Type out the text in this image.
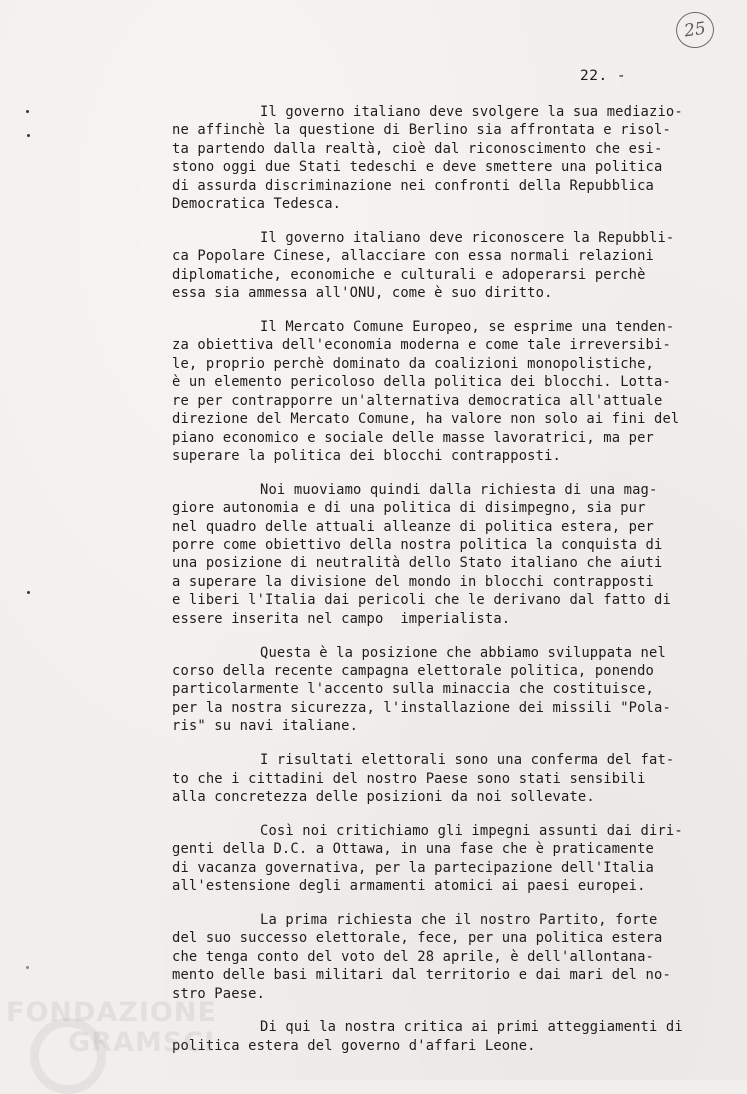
25
22. -
Il governo italiano deve svolgere la sua mediazio-
ne affinchè la questione di Berlino sia affrontata e risol-
ta partendo dalla realtà, cioè dal riconoscimento che esi-
stono oggi due Stati tedeschi e deve smettere una politica
di assurda discriminazione nei confronti della Repubblica
Democratica Tedesca.
Il governo italiano deve riconoscere la Repubbli-
ca Popolare Cinese, allacciare con essa normali relazioni
diplomatiche, economiche e culturali e adoperarsi perchè
essa sia ammessa all'ONU, come è suo diritto.
Il Mercato Comune Europeo, se esprime una tenden-
za obiettiva dell'economia moderna e come tale irreversibi-
le, proprio perchè dominato da coalizioni monopolistiche,
è un elemento pericoloso della politica dei blocchi. Lotta-
re per contrapporre un'alternativa democratica all'attuale
direzione del Mercato Comune, ha valore non solo ai fini del
piano economico e sociale delle masse lavoratrici, ma per
superare la politica dei blocchi contrapposti.
Noi muoviamo quindi dalla richiesta di una mag-
giore autonomia e di una politica di disimpegno, sia pur
nel quadro delle attuali alleanze di politica estera, per
porre come obiettivo della nostra politica la conquista di
una posizione di neutralità dello Stato italiano che aiuti
a superare la divisione del mondo in blocchi contrapposti
e liberi l'Italia dai pericoli che le derivano dal fatto di
essere inserita nel campo  imperialista.
Questa è la posizione che abbiamo sviluppata nel
corso della recente campagna elettorale politica, ponendo
particolarmente l'accento sulla minaccia che costituisce,
per la nostra sicurezza, l'installazione dei missili "Pola-
ris" su navi italiane.
I risultati elettorali sono una conferma del fat-
to che i cittadini del nostro Paese sono stati sensibili
alla concretezza delle posizioni da noi sollevate.
Così noi critichiamo gli impegni assunti dai diri-
genti della D.C. a Ottawa, in una fase che è praticamente
di vacanza governativa, per la partecipazione dell'Italia
all'estensione degli armamenti atomici ai paesi europei.
La prima richiesta che il nostro Partito, forte
del suo successo elettorale, fece, per una politica estera
che tenga conto del voto del 28 aprile, è dell'allontana-
mento delle basi militari dal territorio e dai mari del no-
stro Paese.
Di qui la nostra critica ai primi atteggiamenti di
politica estera del governo d'affari Leone.
FONDAZIONE
GRAMSCI
